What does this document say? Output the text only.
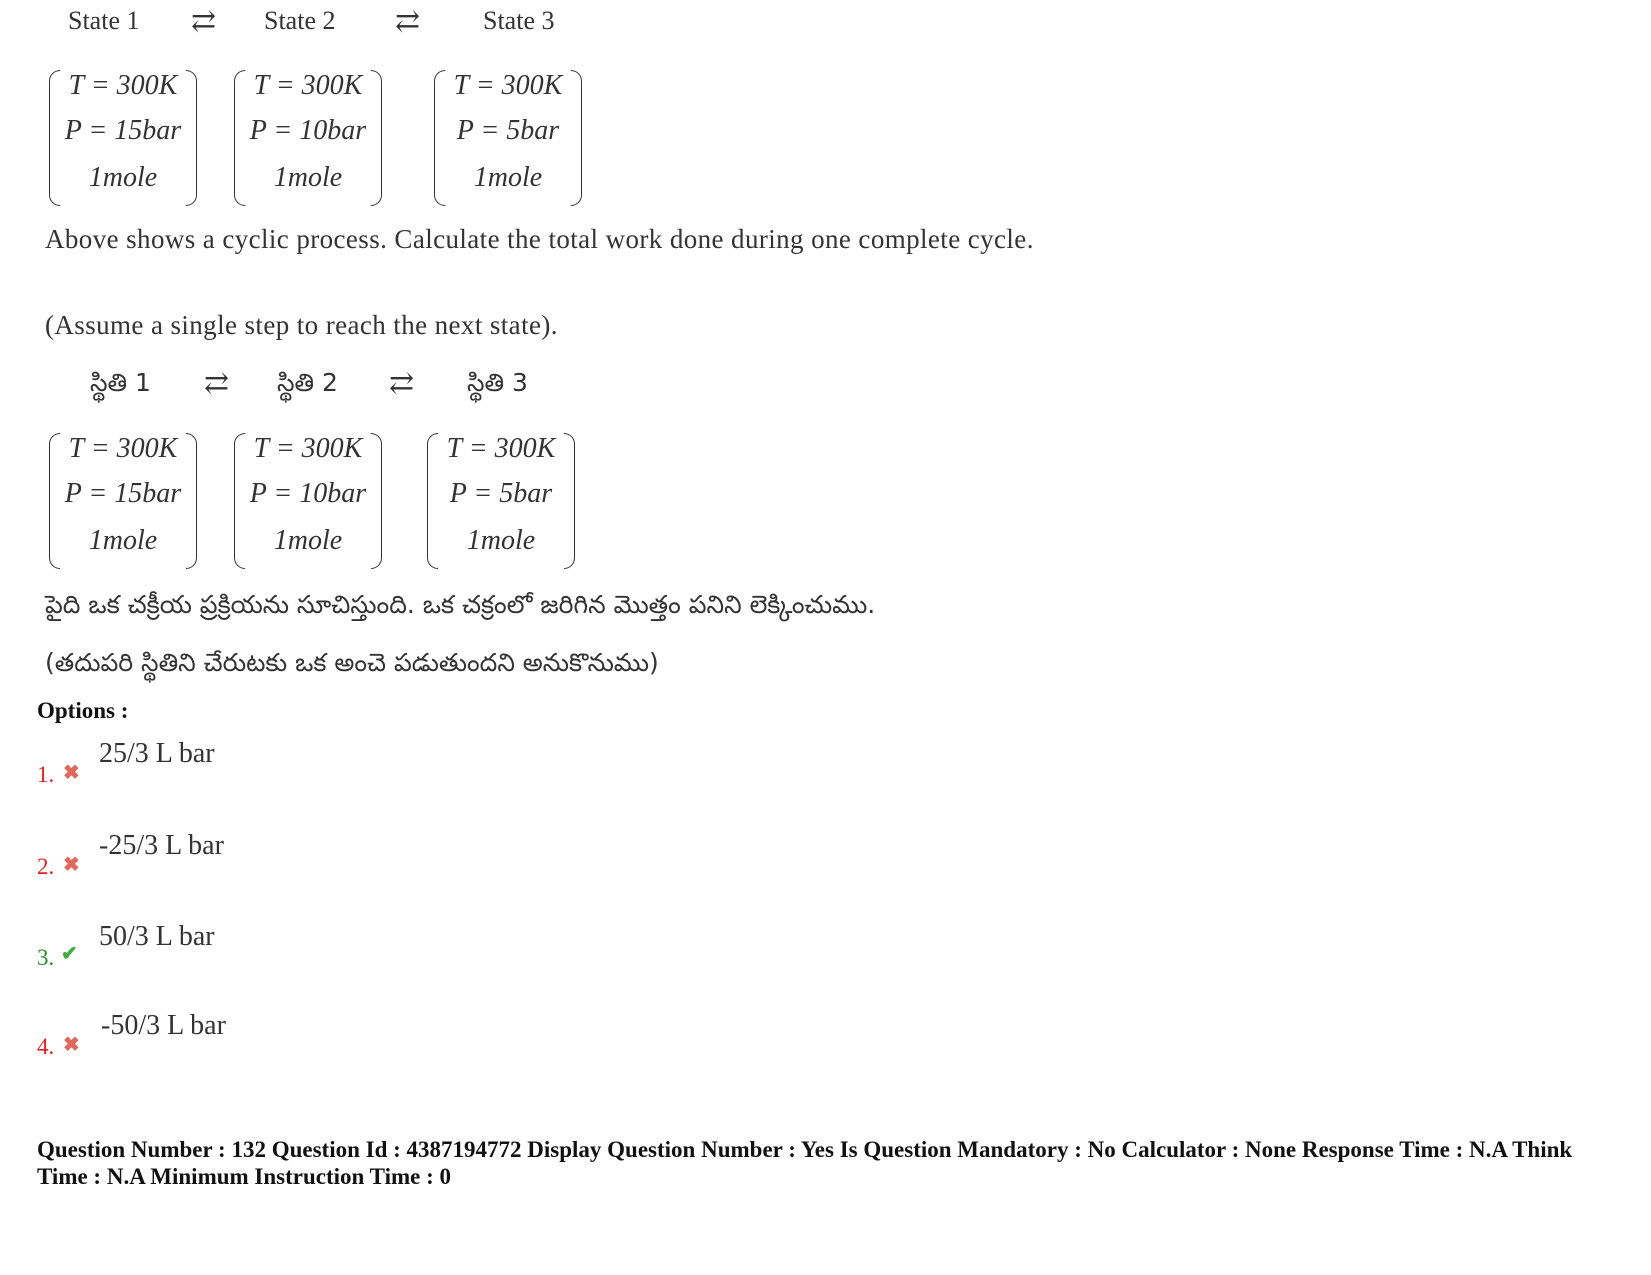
State 1 ⇄ State 2 ⇄ State 3
T = 300K
P = 15bar
1mole
T = 300K
P = 10bar
1mole
T = 300K
P = 5bar
1mole
Above shows a cyclic process. Calculate the total work done during one complete cycle.
(Assume a single step to reach the next state).
స్థితి 1 ⇄ స్థితి 2 ⇄ స్థితి 3
T = 300K
P = 15bar
1mole
T = 300K
P = 10bar
1mole
T = 300K
P = 5bar
1mole
పైది ఒక చక్రీయ ప్రక్రియను సూచిస్తుంది. ఒక చక్రంలో జరిగిన మొత్తం పనిని లెక్కించుము.
(తదుపరి స్థితిని చేరుటకు ఒక అంచె పడుతుందని అనుకొనుము)
Options :
1. ✖
25/3 L bar
2. ✖
-25/3 L bar
3. ✔
50/3 L bar
4. ✖
-50/3 L bar
Question Number : 132 Question Id : 4387194772 Display Question Number : Yes Is Question Mandatory : No Calculator : None Response Time : N.A Think Time : N.A Minimum Instruction Time : 0
